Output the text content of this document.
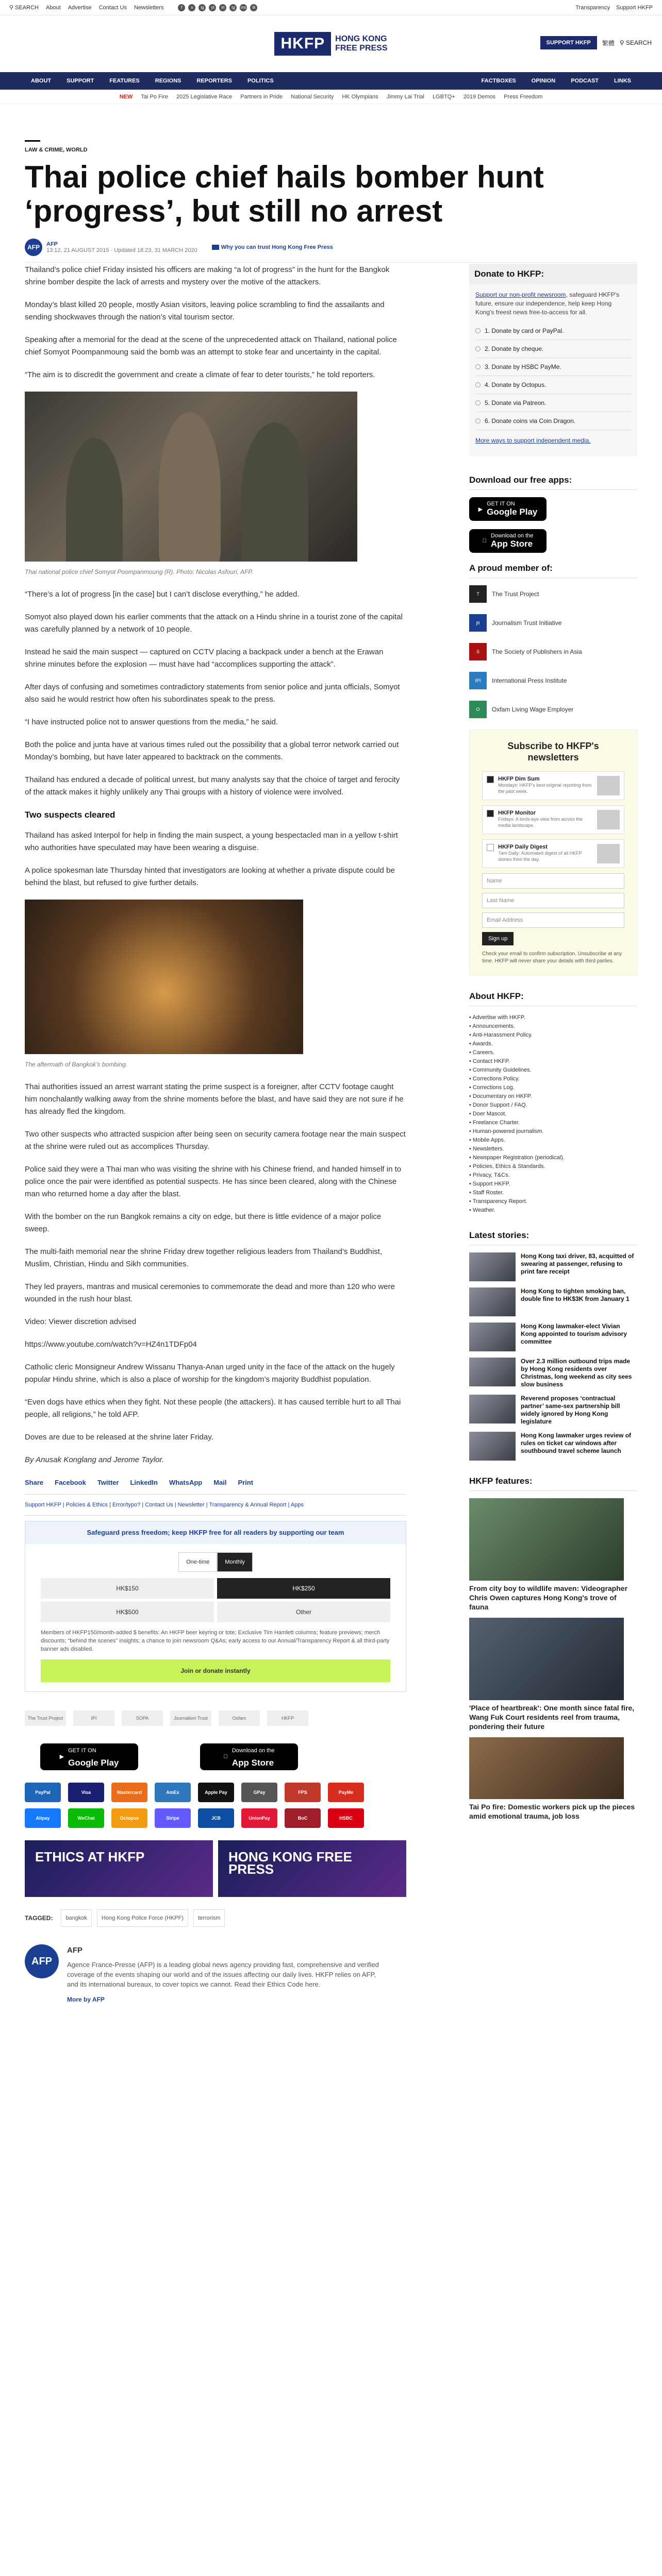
⚲ SEARCH About Advertise Contact Us Newsletters	f	x	ig	yt	in	tg	ms	tk	Transparency Support HKFP
HKFP	HONG KONG
FREE PRESS
SUPPORT HKFP	繁體 ⚲ SEARCH
ABOUT	SUPPORT	FEATURES	REGIONS	REPORTERS	POLITICS	FACTBOXES	OPINION	PODCAST	LINKS
NEW Tai Po Fire 2025 Legislative Race Partners in Pride National Security HK Olympians Jimmy Lai Trial LGBTQ+ 2019 Demos Press Freedom
LAW & CRIME, WORLD
Thai police chief hails bomber hunt ‘progress’, but still no arrest
AFP	AFP
13:12, 21 AUGUST 2015 · Updated 18:23, 31 MARCH 2020	Why you can trust Hong Kong Free Press

Thailand’s police chief Friday insisted his officers are making “a lot of progress” in the hunt for the Bangkok shrine bomber despite the lack of arrests and mystery over the motive of the attackers.

Monday’s blast killed 20 people, mostly Asian visitors, leaving police scrambling to find the assailants and sending shockwaves through the nation’s vital tourism sector.

Speaking after a memorial for the dead at the scene of the unprecedented attack on Thailand, national police chief Somyot Poompanmoung said the bomb was an attempt to stoke fear and uncertainty in the capital.

“The aim is to discredit the government and create a climate of fear to deter tourists,” he told reporters.

Thai national police chief Somyot Poompanmoung (R). Photo: Nicolas Asfouri, AFP.

“There’s a lot of progress [in the case] but I can’t disclose everything,” he added.

Somyot also played down his earlier comments that the attack on a Hindu shrine in a tourist zone of the capital was carefully planned by a network of 10 people.

Instead he said the main suspect — captured on CCTV placing a backpack under a bench at the Erawan shrine minutes before the explosion — must have had “accomplices supporting the attack”.

After days of confusing and sometimes contradictory statements from senior police and junta officials, Somyot also said he would restrict how often his subordinates speak to the press.

“I have instructed police not to answer questions from the media,” he said.

Both the police and junta have at various times ruled out the possibility that a global terror network carried out Monday’s bombing, but have later appeared to backtrack on the comments.

Thailand has endured a decade of political unrest, but many analysts say that the choice of target and ferocity of the attack makes it highly unlikely any Thai groups with a history of violence were involved.

Two suspects cleared

Thailand has asked Interpol for help in finding the main suspect, a young bespectacled man in a yellow t-shirt who authorities have speculated may have been wearing a disguise.

A police spokesman late Thursday hinted that investigators are looking at whether a private dispute could be behind the blast, but refused to give further details.

The aftermath of Bangkok’s bombing.

Thai authorities issued an arrest warrant stating the prime suspect is a foreigner, after CCTV footage caught him nonchalantly walking away from the shrine moments before the blast, and have said they are not sure if he has already fled the kingdom.

Two other suspects who attracted suspicion after being seen on security camera footage near the main suspect at the shrine were ruled out as accomplices Thursday.

Police said they were a Thai man who was visiting the shrine with his Chinese friend, and handed himself in to police once the pair were identified as potential suspects. He has since been cleared, along with the Chinese man who returned home a day after the blast.

With the bomber on the run Bangkok remains a city on edge, but there is little evidence of a major police sweep.

The multi-faith memorial near the shrine Friday drew together religious leaders from Thailand’s Buddhist, Muslim, Christian, Hindu and Sikh communities.

They led prayers, mantras and musical ceremonies to commemorate the dead and more than 120 who were wounded in the rush hour blast.

Video: Viewer discretion advised

https://www.youtube.com/watch?v=HZ4n1TDFp04

Catholic cleric Monsigneur Andrew Wissanu Thanya-Anan urged unity in the face of the attack on the hugely popular Hindu shrine, which is also a place of worship for the kingdom’s majority Buddhist population.

“Even dogs have ethics when they fight. Not these people (the attackers). It has caused terrible hurt to all Thai people, all religions,” he told AFP.

Doves are due to be released at the shrine later Friday.

By Anusak Konglang and Jerome Taylor.

Share Facebook Twitter LinkedIn WhatsApp Mail Print
Support HKFP | Policies & Ethics | Error/typo? | Contact Us | Newsletter | Transparency & Annual Report | Apps
Safeguard press freedom; keep HKFP free for all readers by supporting our team
One-time	Monthly
HK$150	HK$250
HK$500	Other
Members of HKFP150/month-added $ benefits: An HKFP beer keyring or tote; Exclusive Tim Hamlett columns; feature previews; merch discounts; “behind the scenes” insights; a chance to join newsroom Q&As; early access to our Annual/Transparency Report & all third-party banner ads disabled.
Join or donate instantly
The Trust Project	IPI	SOPA	Journalism Trust	Oxfam	HKFP
▶
GET IT ON
Google Play
Download on the
App Store
PayPal	Visa	Mastercard	AmEx	Apple Pay	GPay	FPS	PayMe
Alipay	WeChat	Octopus	Stripe	JCB	UnionPay	BoC	HSBC
ETHICS AT HKFP	HONG KONG FREE PRESS
TAGGED:	bangkok	Hong Kong Police Force (HKPF)	terrorism
AFP
AFP
Agence France-Presse (AFP) is a leading global news agency providing fast, comprehensive and verified coverage of the events shaping our world and of the issues affecting our daily lives. HKFP relies on AFP, and its international bureaux, to cover topics we cannot. Read their Ethics Code here.
More by AFP
Donate to HKFP:

Support our non-profit newsroom, safeguard HKFP's future, ensure our independence, help keep Hong Kong's freest news free-to-access for all.

1. Donate by card or PayPal.
2. Donate by cheque.
3. Donate by HSBC PayMe.
4. Donate by Octopus.
5. Donate via Patreon.
6. Donate coins via Coin Dragon.

More ways to support independent media.

Download our free apps:
▶
GET IT ON
Google Play
Download on the
App Store
A proud member of:
T	The Trust Project
jti	Journalism Trust Initiative
S	The Society of Publishers in Asia
IPI	International Press Institute
O	Oxfam Living Wage Employer
Subscribe to HKFP's newsletters
HKFP Dim Sum
Mondays: HKFP's best original reporting from the past week.
HKFP Monitor
Fridays: A birds-eye view from across the media landscape.
HKFP Daily Digest
7am Daily: Automated digest of all HKFP stories from the day.
Name
Last Name
Email Address
Sign up
Check your email to confirm subscription. Unsubscribe at any time. HKFP will never share your details with third parties.
About HKFP:
• Advertise with HKFP.
• Announcements.
• Anti-Harassment Policy.
• Awards.
• Careers.
• Contact HKFP.
• Community Guidelines.
• Corrections Policy.
• Corrections Log.
• Documentary on HKFP.
• Donor Support / FAQ.
• Doer Mascot.
• Freelance Charter.
• Human-powered journalism.
• Mobile Apps.
• Newsletters.
• Newspaper Registration (periodical).
• Policies, Ethics & Standards.
• Privacy, T&Cs.
• Support HKFP.
• Staff Roster.
• Transparency Report.
• Weather.
Latest stories:
Hong Kong taxi driver, 83, acquitted of swearing at passenger, refusing to print fare receipt
Hong Kong to tighten smoking ban, double fine to HK$3K from January 1
Hong Kong lawmaker-elect Vivian Kong appointed to tourism advisory committee
Over 2.3 million outbound trips made by Hong Kong residents over Christmas, long weekend as city sees slow business
Reverend proposes ‘contractual partner’ same-sex partnership bill widely ignored by Hong Kong legislature
Hong Kong lawmaker urges review of rules on ticket car windows after southbound travel scheme launch
HKFP features:
From city boy to wildlife maven: Videographer Chris Owen captures Hong Kong's trove of fauna
'Place of heartbreak': One month since fatal fire, Wang Fuk Court residents reel from trauma, pondering their future
Tai Po fire: Domestic workers pick up the pieces amid emotional trauma, job loss
